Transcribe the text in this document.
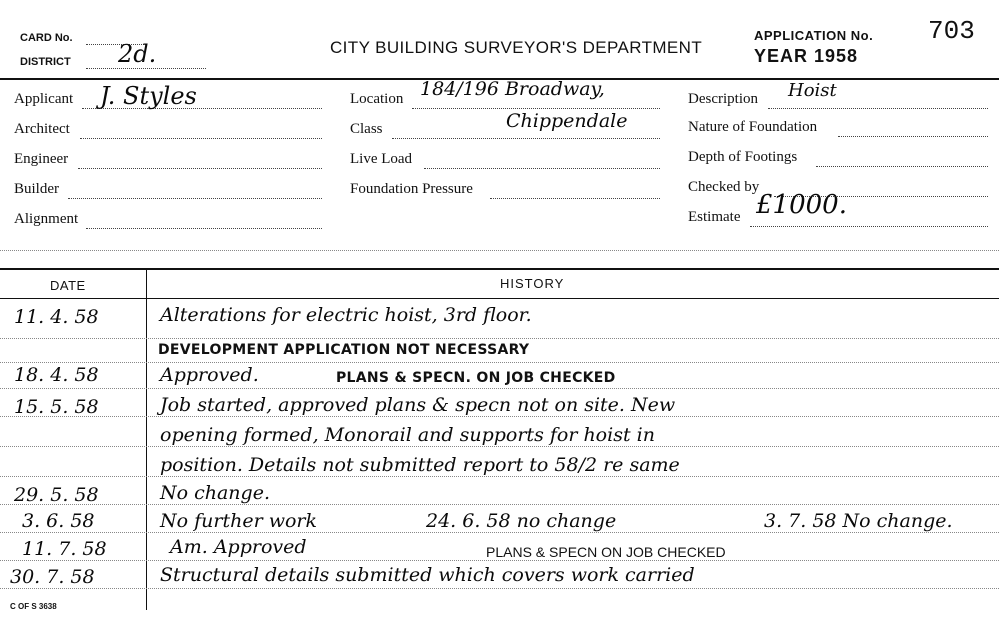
CARD No.
DISTRICT 2d.	CITY BUILDING SURVEYOR'S DEPARTMENT
APPLICATION No. 703
YEAR 1958
Applicant J. Styles
Architect
Engineer
Builder
Alignment
Location 184/196 Broadway,
Class	Chippendale
Live Load
Foundation Pressure
Description Hoist
Nature of Foundation
Depth of Footings
Checked by
Estimate £1000.
DATE	HISTORY
11. 4. 58	Alterations for electric hoist, 3rd floor.
DEVELOPMENT APPLICATION NOT NECESSARY
18. 4. 58	Approved.	PLANS & SPECN. ON JOB CHECKED
15. 5. 58	Job started, approved plans & specn not on site. New
opening formed, Monorail and supports for hoist in
position. Details not submitted report to 58/2 re same
29. 5. 58	No change.
3. 6. 58	No further work	24. 6. 58 no change	3. 7. 58 No change.
11. 7. 58	Am. Approved	PLANS & SPECN ON JOB CHECKED
30. 7. 58	Structural details submitted which covers work carried
C OF S 3638
